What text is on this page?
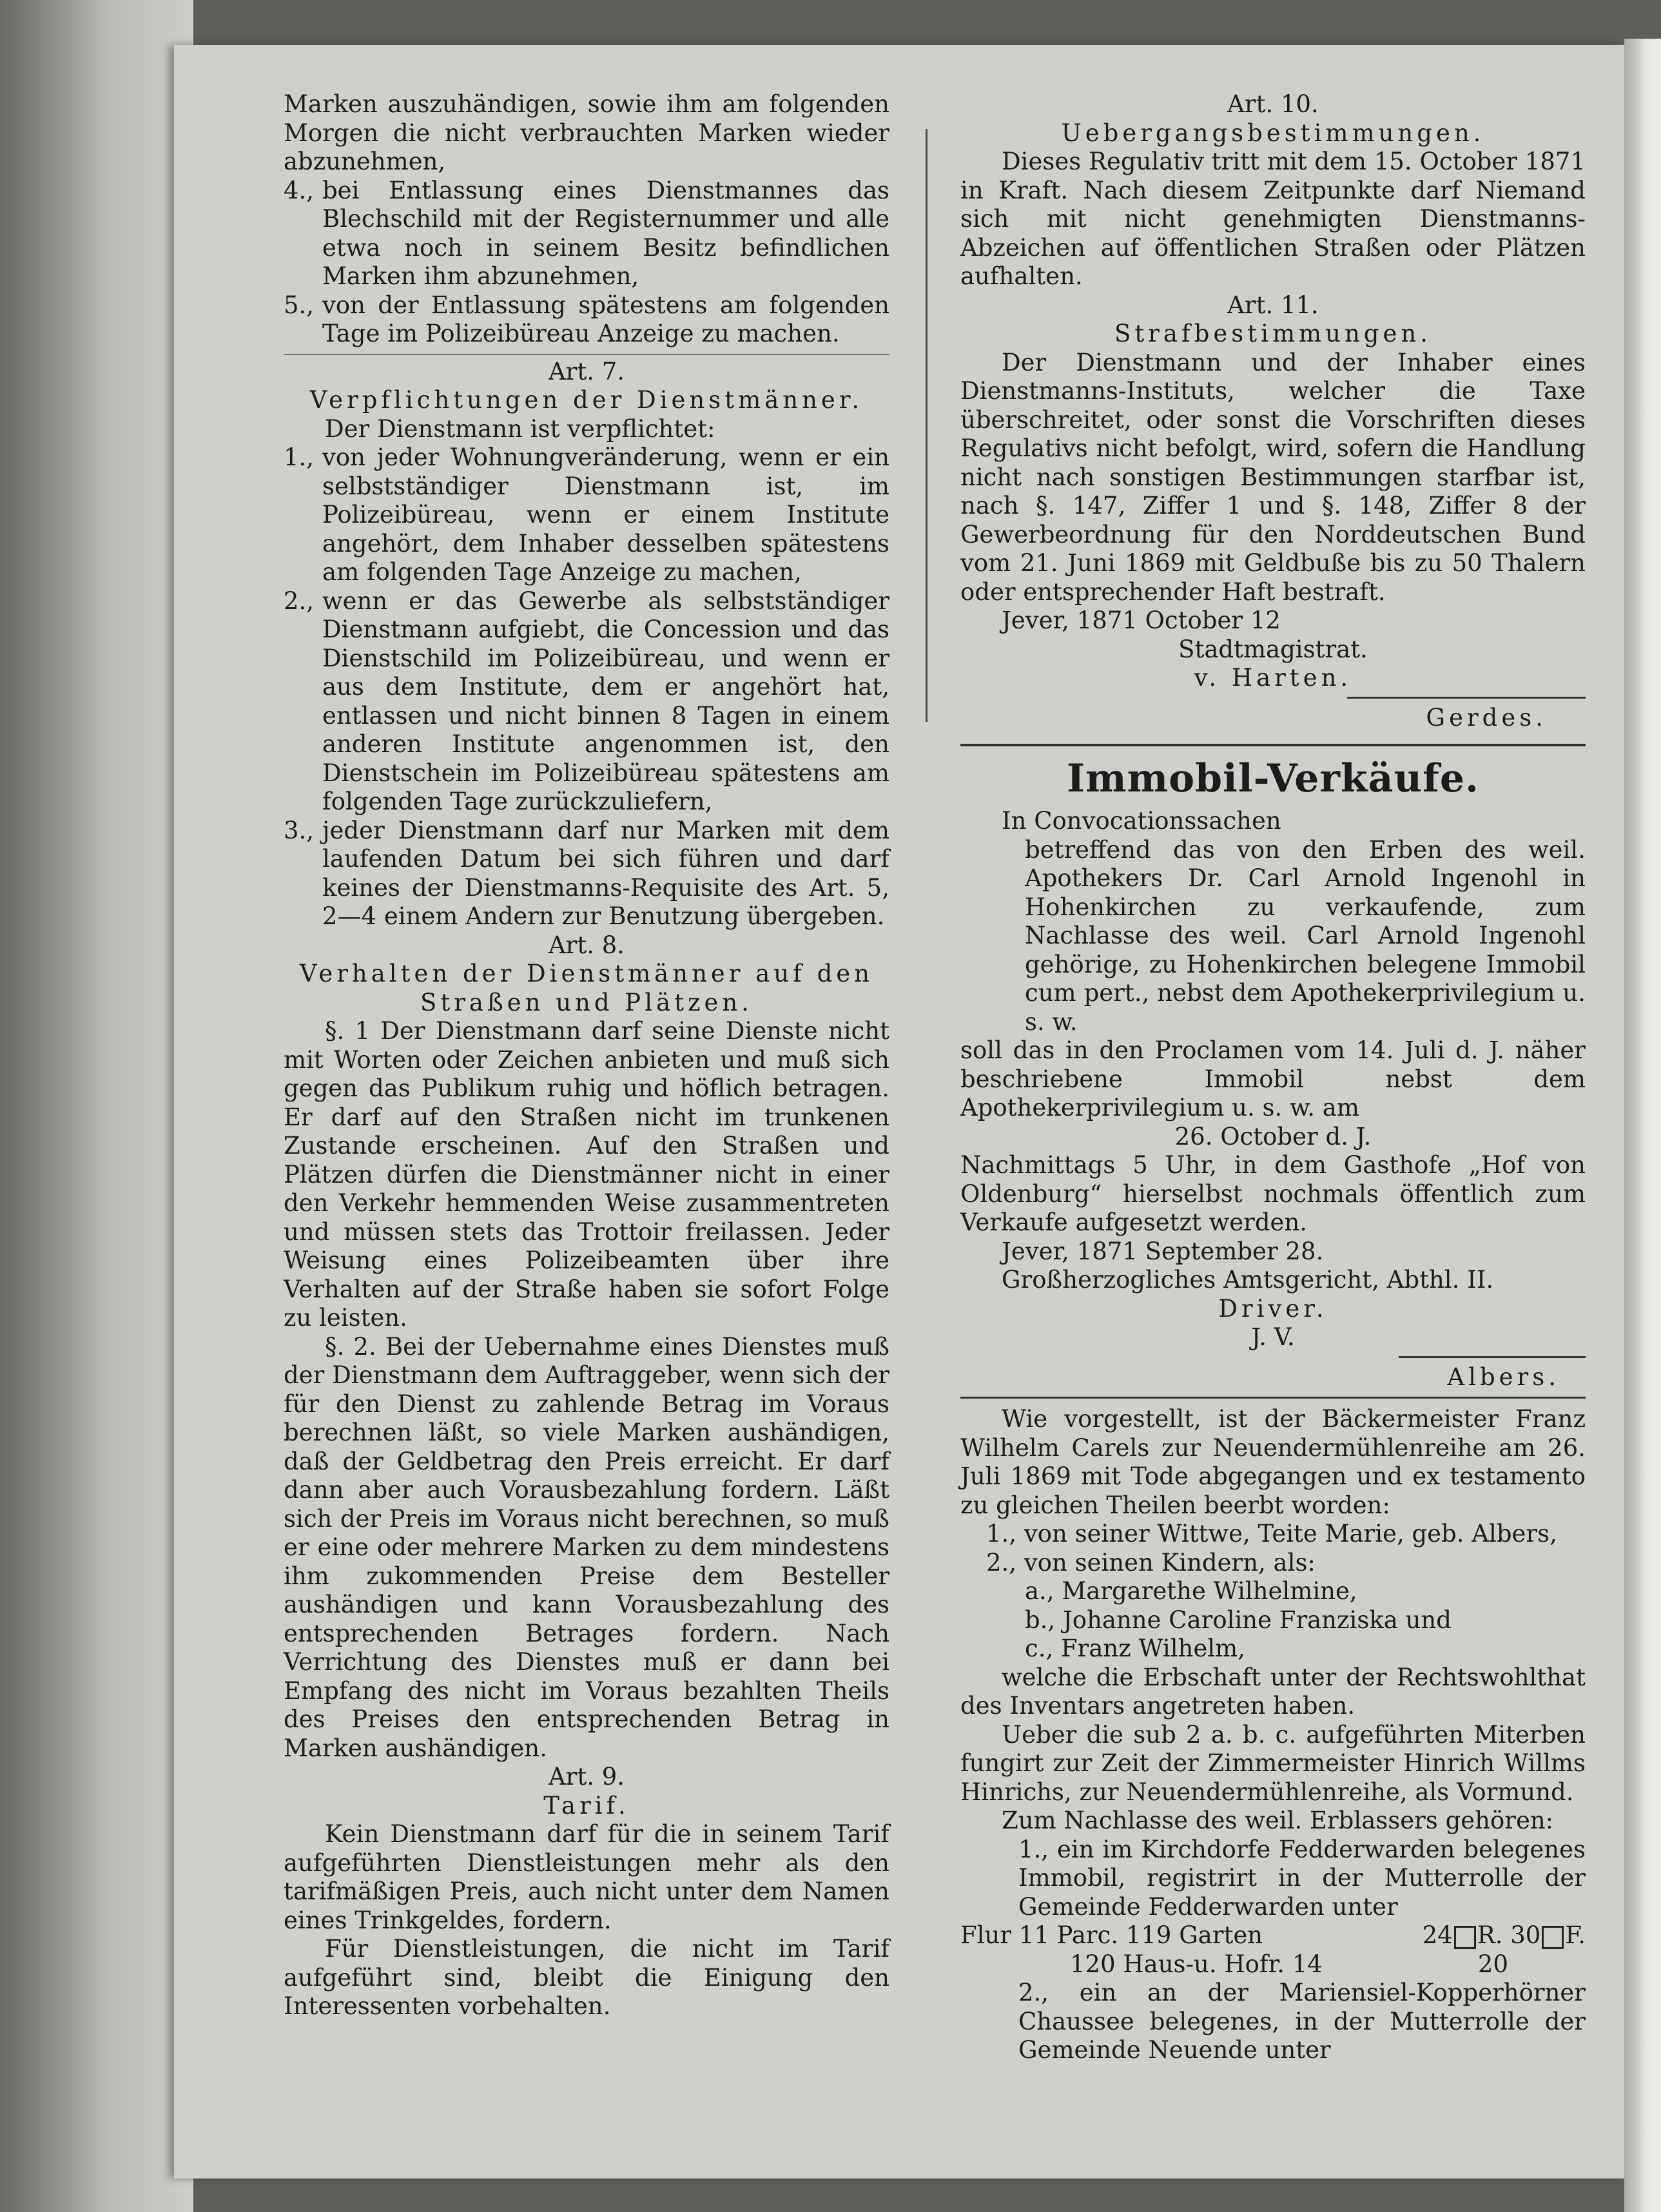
Marken auszuhändigen, sowie ihm am folgenden Morgen die nicht verbrauchten Marken wieder abzunehmen,

4., bei Entlassung eines Dienstmannes das Blechschild mit der Registernummer und alle etwa noch in seinem Besitz befindlichen Marken ihm abzunehmen,

5., von der Entlassung spätestens am folgenden Tage im Polizeibüreau Anzeige zu machen.

Art. 7.

Verpflichtungen der Dienstmänner.

Der Dienstmann ist verpflichtet:

1., von jeder Wohnungveränderung, wenn er ein selbstständiger Dienstmann ist, im Polizeibüreau, wenn er einem Institute angehört, dem Inhaber desselben spätestens am folgenden Tage Anzeige zu machen,

2., wenn er das Gewerbe als selbstständiger Dienstmann aufgiebt, die Concession und das Dienstschild im Polizeibüreau, und wenn er aus dem Institute, dem er angehört hat, entlassen und nicht binnen 8 Tagen in einem anderen Institute angenommen ist, den Dienstschein im Polizeibüreau spätestens am folgenden Tage zurückzuliefern,

3., jeder Dienstmann darf nur Marken mit dem laufenden Datum bei sich führen und darf keines der Dienstmanns-Requisite des Art. 5, 2—4 einem Andern zur Benutzung übergeben.

Art. 8.

Verhalten der Dienstmänner auf den

Straßen und Plätzen.

§. 1 Der Dienstmann darf seine Dienste nicht mit Worten oder Zeichen anbieten und muß sich gegen das Publikum ruhig und höflich betragen. Er darf auf den Straßen nicht im trunkenen Zustande erscheinen. Auf den Straßen und Plätzen dürfen die Dienstmänner nicht in einer den Verkehr hemmenden Weise zusammentreten und müssen stets das Trottoir freilassen. Jeder Weisung eines Polizeibeamten über ihre Verhalten auf der Straße haben sie sofort Folge zu leisten.

§. 2. Bei der Uebernahme eines Dienstes muß der Dienstmann dem Auftraggeber, wenn sich der für den Dienst zu zahlende Betrag im Voraus berechnen läßt, so viele Marken aushändigen, daß der Geldbetrag den Preis erreicht. Er darf dann aber auch Vorausbezahlung fordern. Läßt sich der Preis im Voraus nicht berechnen, so muß er eine oder mehrere Marken zu dem mindestens ihm zukommenden Preise dem Besteller aushändigen und kann Vorausbezahlung des entsprechenden Betrages fordern. Nach Verrichtung des Dienstes muß er dann bei Empfang des nicht im Voraus bezahlten Theils des Preises den entsprechenden Betrag in Marken aushändigen.

Art. 9.

Tarif.

Kein Dienstmann darf für die in seinem Tarif aufgeführten Dienstleistungen mehr als den tarifmäßigen Preis, auch nicht unter dem Namen eines Trinkgeldes, fordern.

Für Dienstleistungen, die nicht im Tarif aufgeführt sind, bleibt die Einigung den Interessenten vorbehalten.

Art. 10.

Uebergangsbestimmungen.

Dieses Regulativ tritt mit dem 15. October 1871 in Kraft. Nach diesem Zeitpunkte darf Niemand sich mit nicht genehmigten Dienstmanns-Abzeichen auf öffentlichen Straßen oder Plätzen aufhalten.

Art. 11.

Strafbestimmungen.

Der Dienstmann und der Inhaber eines Dienstmanns-Instituts, welcher die Taxe überschreitet, oder sonst die Vorschriften dieses Regulativs nicht befolgt, wird, sofern die Handlung nicht nach sonstigen Bestimmungen starfbar ist, nach §. 147, Ziffer 1 und §. 148, Ziffer 8 der Gewerbeordnung für den Norddeutschen Bund vom 21. Juni 1869 mit Geldbuße bis zu 50 Thalern oder entsprechender Haft bestraft.

Jever, 1871 October 12

Stadtmagistrat.

v. Harten.

Gerdes.

Immobil-Verkäufe.

In Convocationssachen

betreffend das von den Erben des weil. Apothekers Dr. Carl Arnold Ingenohl in Hohenkirchen zu verkaufende, zum Nachlasse des weil. Carl Arnold Ingenohl gehörige, zu Hohenkirchen belegene Immobil cum pert., nebst dem Apothekerprivilegium u. s. w.

soll das in den Proclamen vom 14. Juli d. J. näher beschriebene Immobil nebst dem Apothekerprivilegium u. s. w. am

26. October d. J.

Nachmittags 5 Uhr, in dem Gasthofe „Hof von Oldenburg“ hierselbst nochmals öffentlich zum Verkaufe aufgesetzt werden.

Jever, 1871 September 28.

Großherzogliches Amtsgericht, Abthl. II.

Driver.

J. V.

Albers.

Wie vorgestellt, ist der Bäckermeister Franz Wilhelm Carels zur Neuendermühlenreihe am 26. Juli 1869 mit Tode abgegangen und ex testamento zu gleichen Theilen beerbt worden:

1., von seiner Wittwe, Teite Marie, geb. Albers,

2., von seinen Kindern, als:

a., Margarethe Wilhelmine,

b., Johanne Caroline Franziska und

c., Franz Wilhelm,

welche die Erbschaft unter der Rechtswohlthat des Inventars angetreten haben.

Ueber die sub 2 a. b. c. aufgeführten Miterben fungirt zur Zeit der Zimmermeister Hinrich Willms Hinrichs, zur Neuendermühlenreihe, als Vormund.

Zum Nachlasse des weil. Erblassers gehören:

1., ein im Kirchdorfe Fedderwarden belegenes Immobil, registrirt in der Mutterrolle der Gemeinde Fedderwarden unter

Flur 11 Parc. 119 Garten	24 R. 30 F.
120 Haus-u. Hofr. 14	20

2., ein an der Mariensiel-Kopperhörner Chaussee belegenes, in der Mutterrolle der Gemeinde Neuende unter
